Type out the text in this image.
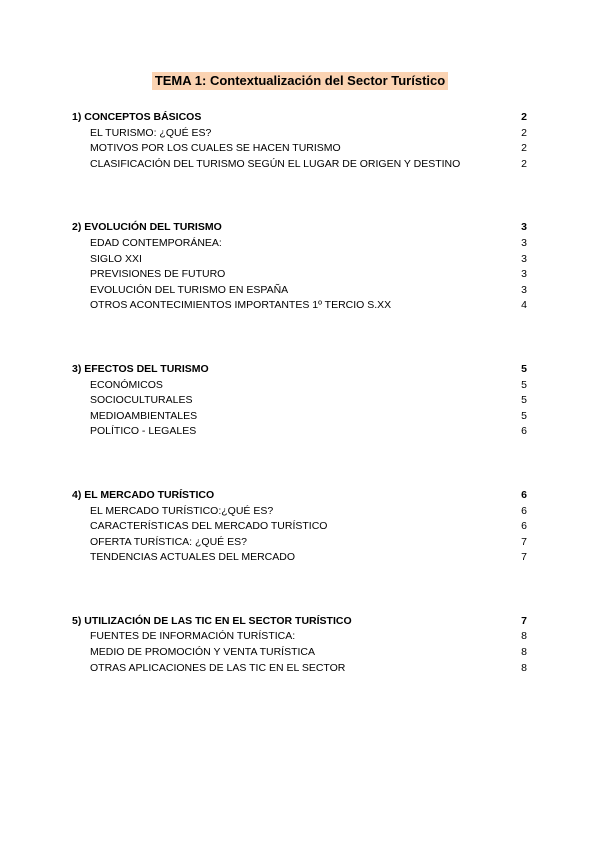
TEMA 1: Contextualización del Sector Turístico
1) CONCEPTOS BÁSICOS	2
EL TURISMO: ¿QUÉ ES?	2
MOTIVOS POR LOS CUALES SE HACEN TURISMO	2
CLASIFICACIÓN DEL TURISMO SEGÚN EL LUGAR DE ORIGEN Y DESTINO	2
2) EVOLUCIÓN DEL TURISMO	3
EDAD CONTEMPORÁNEA:	3
SIGLO XXI	3
PREVISIONES DE FUTURO	3
EVOLUCIÓN DEL TURISMO EN ESPAÑA	3
OTROS ACONTECIMIENTOS IMPORTANTES 1º TERCIO S.XX	4
3) EFECTOS DEL TURISMO	5
ECONÓMICOS	5
SOCIOCULTURALES	5
MEDIOAMBIENTALES	5
POLÍTICO - LEGALES	6
4) EL MERCADO TURÍSTICO	6
EL MERCADO TURÍSTICO:¿QUÉ ES?	6
CARACTERÍSTICAS DEL MERCADO TURÍSTICO	6
OFERTA TURÍSTICA: ¿QUÉ ES?	7
TENDENCIAS ACTUALES DEL MERCADO	7
5) UTILIZACIÓN DE LAS TIC EN EL SECTOR TURÍSTICO	7
FUENTES DE INFORMACIÓN TURÍSTICA:	8
MEDIO DE PROMOCIÓN Y VENTA TURÍSTICA	8
OTRAS APLICACIONES DE LAS TIC EN EL SECTOR	8
